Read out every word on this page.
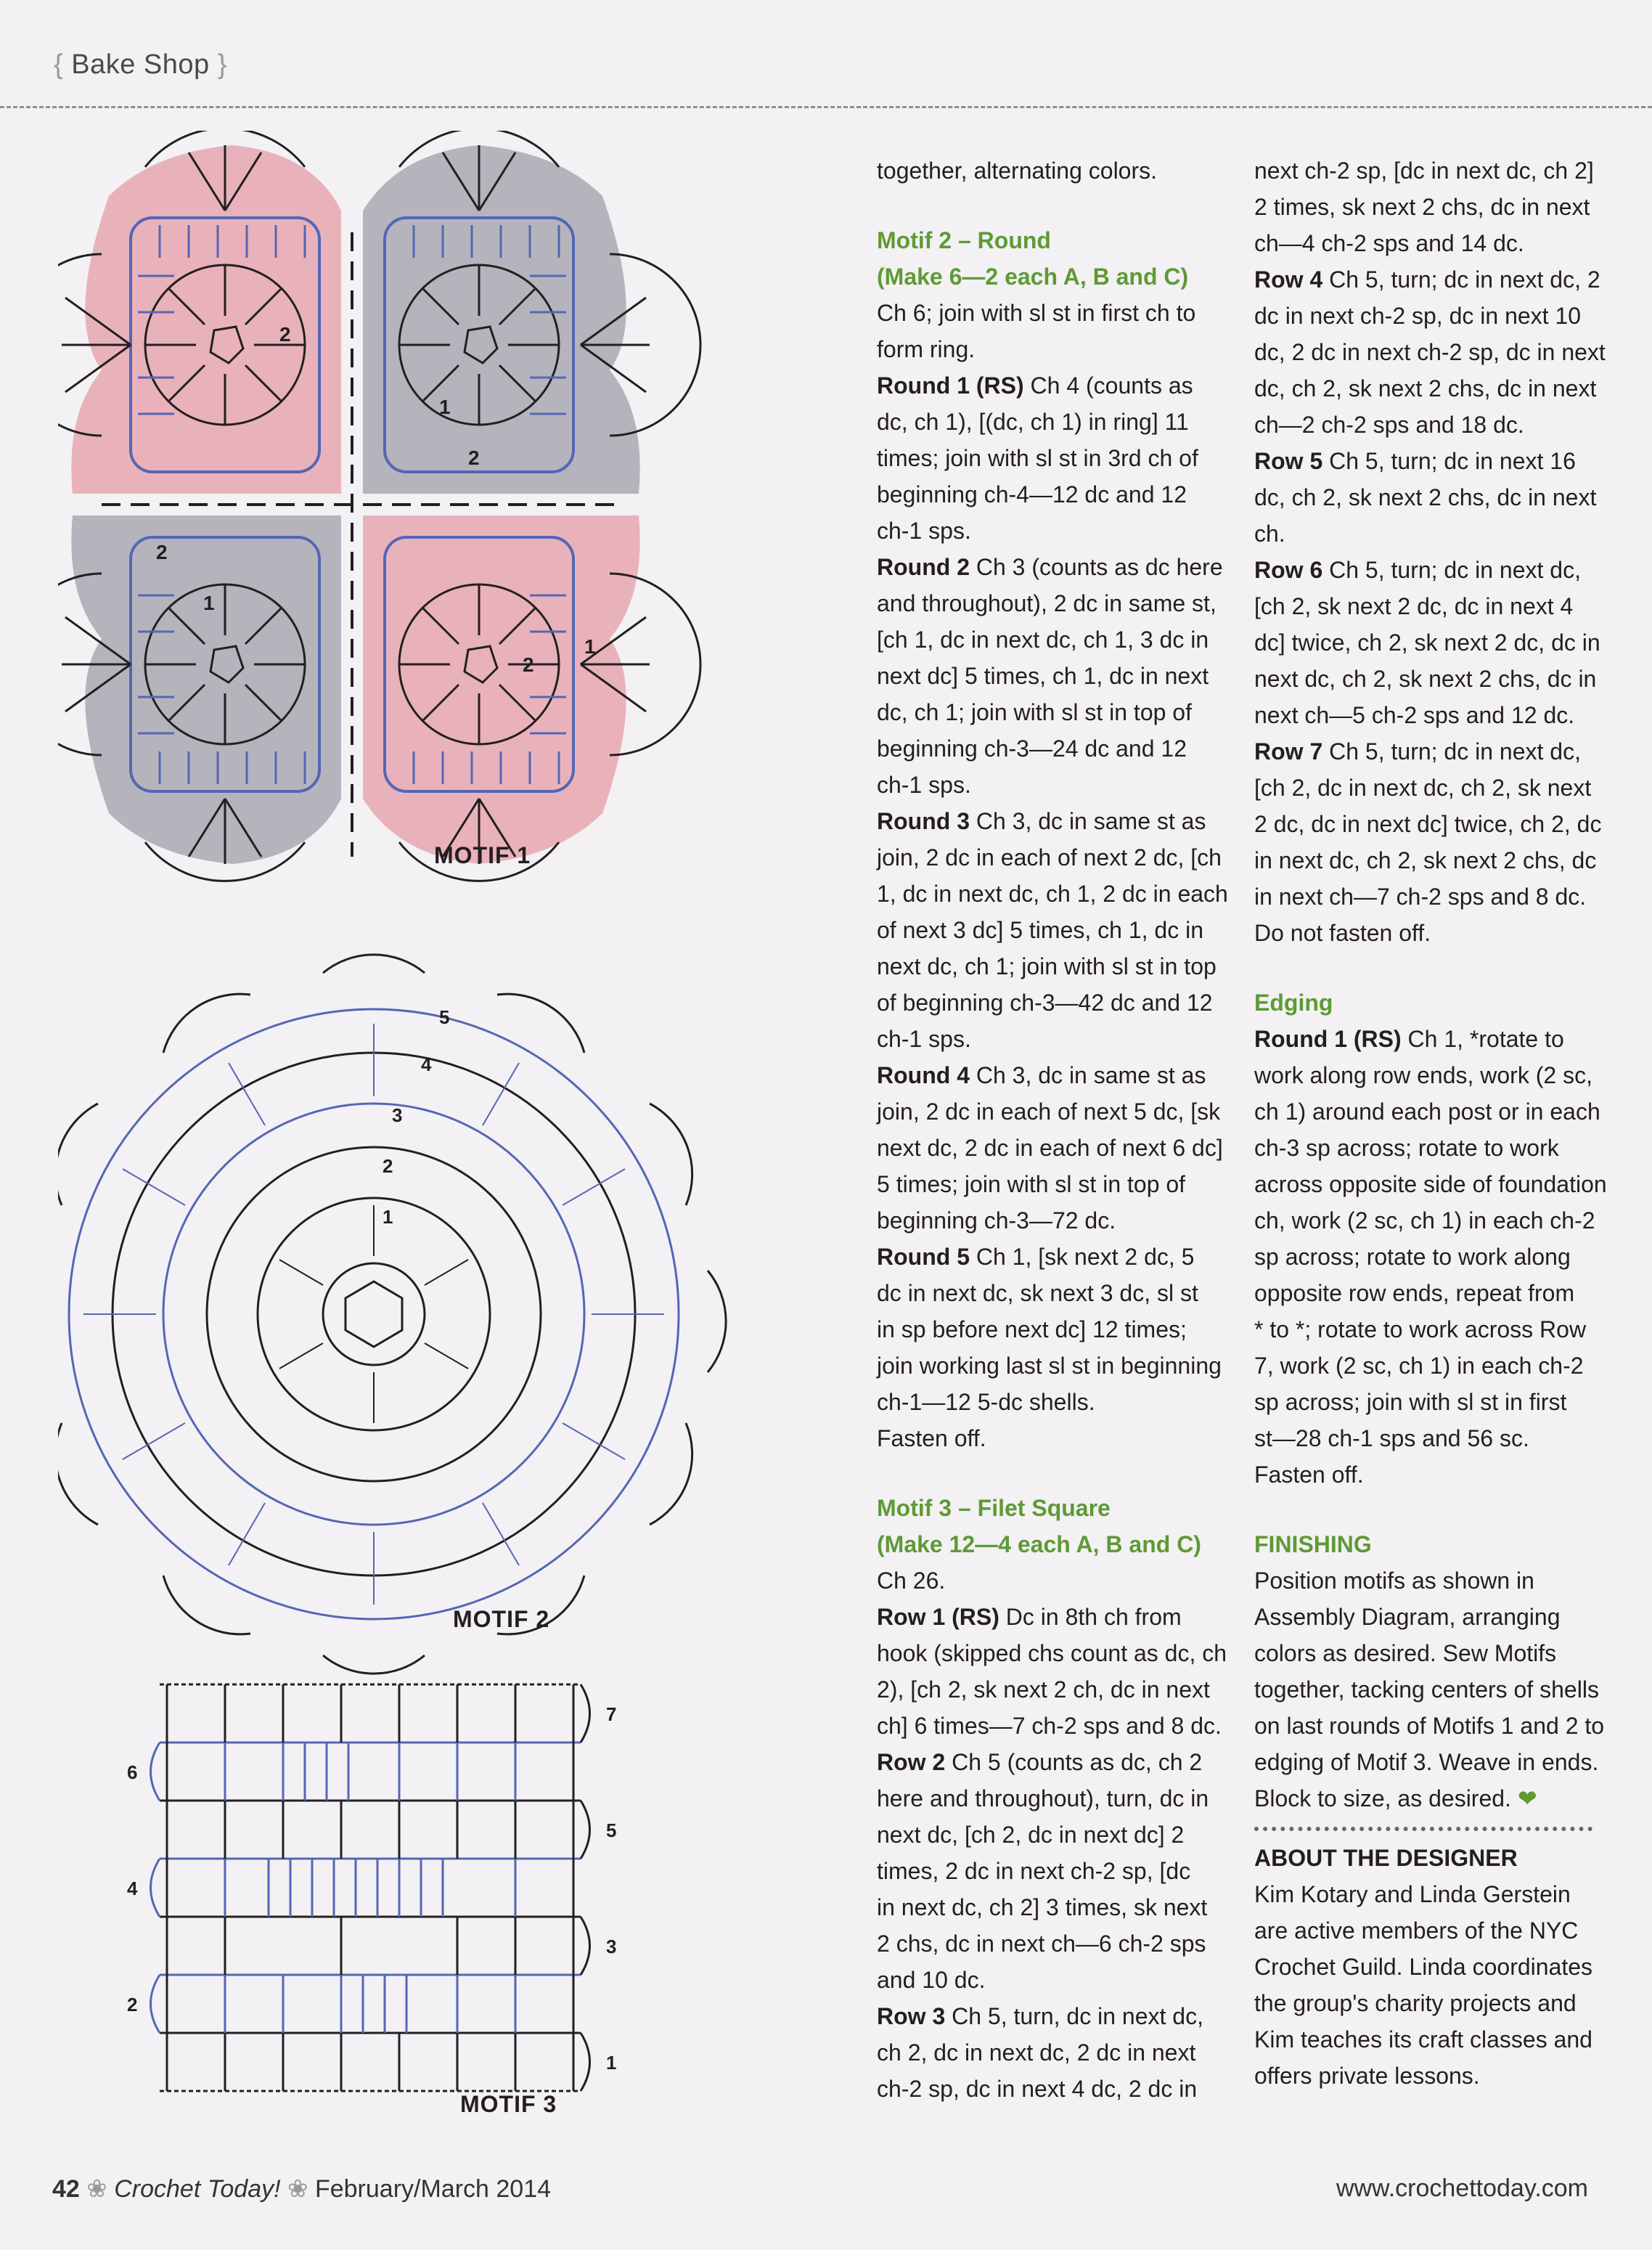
{ Bake Shop }
2
1
2
2
1
2
1
1
2
3
4
5
7
6
5
4
3
2
1
MOTIF 1
MOTIF 2
MOTIF 3

together, alternating colors.

Motif 2 – Round

(Make 6—2 each A, B and C)

Ch 6; join with sl st in first ch to

form ring.

Round 1 (RS) Ch 4 (counts as

dc, ch 1), [(dc, ch 1) in ring] 11

times; join with sl st in 3rd ch of

beginning ch-4—12 dc and 12

ch-1 sps.

Round 2 Ch 3 (counts as dc here

and throughout), 2 dc in same st,

[ch 1, dc in next dc, ch 1, 3 dc in

next dc] 5 times, ch 1, dc in next

dc, ch 1; join with sl st in top of

beginning ch-3—24 dc and 12

ch-1 sps.

Round 3 Ch 3, dc in same st as

join, 2 dc in each of next 2 dc, [ch

1, dc in next dc, ch 1, 2 dc in each

of next 3 dc] 5 times, ch 1, dc in

next dc, ch 1; join with sl st in top

of beginning ch-3—42 dc and 12

ch-1 sps.

Round 4 Ch 3, dc in same st as

join, 2 dc in each of next 5 dc, [sk

next dc, 2 dc in each of next 6 dc]

5 times; join with sl st in top of

beginning ch-3—72 dc.

Round 5 Ch 1, [sk next 2 dc, 5

dc in next dc, sk next 3 dc, sl st

in sp before next dc] 12 times;

join working last sl st in beginning

ch-1—12 5-dc shells.

Fasten off.

Motif 3 – Filet Square

(Make 12—4 each A, B and C)

Ch 26.

Row 1 (RS) Dc in 8th ch from

hook (skipped chs count as dc, ch

2), [ch 2, sk next 2 ch, dc in next

ch] 6 times—7 ch-2 sps and 8 dc.

Row 2 Ch 5 (counts as dc, ch 2

here and throughout), turn, dc in

next dc, [ch 2, dc in next dc] 2

times, 2 dc in next ch-2 sp, [dc

in next dc, ch 2] 3 times, sk next

2 chs, dc in next ch—6 ch-2 sps

and 10 dc.

Row 3 Ch 5, turn, dc in next dc,

ch 2, dc in next dc, 2 dc in next

ch-2 sp, dc in next 4 dc, 2 dc in

next ch-2 sp, [dc in next dc, ch 2]

2 times, sk next 2 chs, dc in next

ch—4 ch-2 sps and 14 dc.

Row 4 Ch 5, turn; dc in next dc, 2

dc in next ch-2 sp, dc in next 10

dc, 2 dc in next ch-2 sp, dc in next

dc, ch 2, sk next 2 chs, dc in next

ch—2 ch-2 sps and 18 dc.

Row 5 Ch 5, turn; dc in next 16

dc, ch 2, sk next 2 chs, dc in next

ch.

Row 6 Ch 5, turn; dc in next dc,

[ch 2, sk next 2 dc, dc in next 4

dc] twice, ch 2, sk next 2 dc, dc in

next dc, ch 2, sk next 2 chs, dc in

next ch—5 ch-2 sps and 12 dc.

Row 7 Ch 5, turn; dc in next dc,

[ch 2, dc in next dc, ch 2, sk next

2 dc, dc in next dc] twice, ch 2, dc

in next dc, ch 2, sk next 2 chs, dc

in next ch—7 ch-2 sps and 8 dc.

Do not fasten off.

Edging

Round 1 (RS) Ch 1, *rotate to

work along row ends, work (2 sc,

ch 1) around each post or in each

ch-3 sp across; rotate to work

across opposite side of foundation

ch, work (2 sc, ch 1) in each ch-2

sp across; rotate to work along

opposite row ends, repeat from

* to *; rotate to work across Row

7, work (2 sc, ch 1) in each ch-2

sp across; join with sl st in first

st—28 ch-1 sps and 56 sc.

Fasten off.

FINISHING

Position motifs as shown in

Assembly Diagram, arranging

colors as desired. Sew Motifs

together, tacking centers of shells

on last rounds of Motifs 1 and 2 to

edging of Motif 3. Weave in ends.

Block to size, as desired. ❤

ABOUT THE DESIGNER

Kim Kotary and Linda Gerstein

are active members of the NYC

Crochet Guild. Linda coordinates

the group's charity projects and

Kim teaches its craft classes and

offers private lessons.

42 ❀ Crochet Today! ❀ February/March 2014	www.crochettoday.com
